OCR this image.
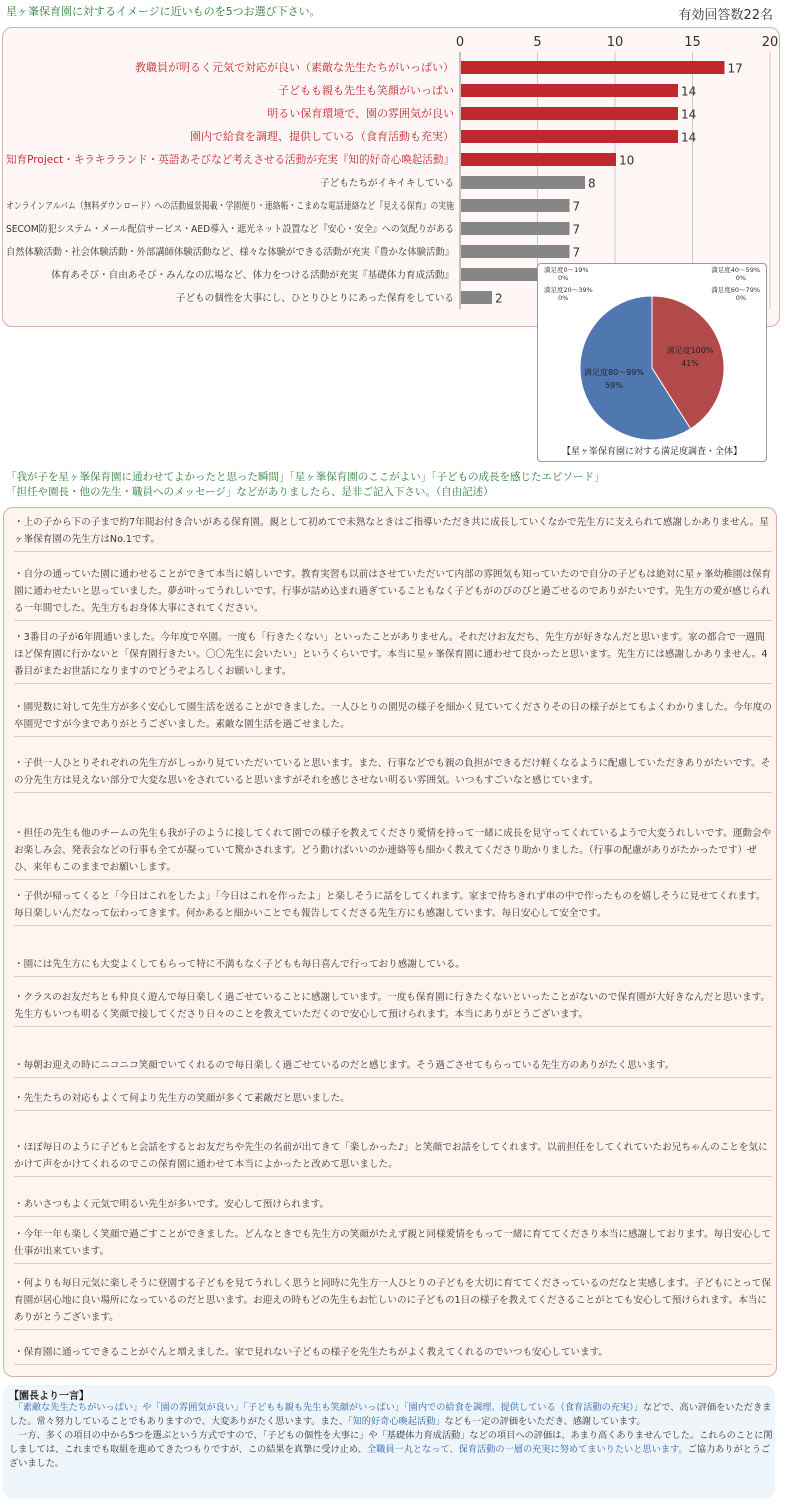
星ヶ峯保育園に対するイメージに近いものを5つお選び下さい。	有効回答数22名
0	5	10	15	20
教職員が明るく元気で対応が良い（素敵な先生たちがいっぱい）	17
子どもも親も先生も笑顔がいっぱい	14
明るい保育環境で、園の雰囲気が良い	14
園内で給食を調理、提供している（食育活動も充実）	14
知育Project・キラキラランド・英語あそびなど考えさせる活動が充実『知的好奇心喚起活動』	10
子どもたちがイキイキしている	8
オンラインアルバム（無料ダウンロード）への活動風景掲載・学園便り・連絡帳・こまめな電話連絡など『見える保育』の実施 7
SECOM防犯システム・メール配信サービス・AED導入・遮光ネット設置など『安心・安全』への気配りがある	7
自然体験活動・社会体験活動・外部講師体験活動など、様々な体験ができる活動が充実『豊かな体験活動』	7
体育あそび・自由あそび・みんなの広場など、体力をつける活動が充実『基礎体力育成活動』
子どもの個性を大事にし、ひとりひとりにあった保育をしている	2
満足度100%
41%
満足度80〜99%
59%
満足度0〜19%
0%
満足度20〜39%
0%
満足度40〜59%
0%
満足度60〜79%
0%
【星ヶ峯保育園に対する満足度調査・全体】
「我が子を星ヶ峯保育園に通わせてよかったと思った瞬間」「星ヶ峯保育園のここがよい」「子どもの成長を感じたエピソード」
「担任や園長・他の先生・職員へのメッセージ」などがありましたら、是非ご記入下さい。（自由記述）
・上の子から下の子まで約7年間お付き合いがある保育園。親として初めてで未熟なときはご指導いただき共に成長していくなかで先生方に支えられて感謝しかありません。星ヶ峯保育園の先生方はNo.1です。
・自分の通っていた園に通わせることができて本当に嬉しいです。教育実習も以前はさせていただいて内部の雰囲気も知っていたので自分の子どもは絶対に星ヶ峯幼稚園は保育園に通わせたいと思っていました。夢が叶ってうれしいです。行事が詰め込まれ過ぎていることもなく子どもがのびのびと過ごせるのでありがたいです。先生方の愛が感じられる一年間でした。先生方もお身体大事にされてください。
・3番目の子が6年間通いました。今年度で卒園。一度も「行きたくない」といったことがありません。それだけお友だち、先生方が好きなんだと思います。家の都合で一週間ほど保育園に行かないと「保育園行きたい。〇〇先生に会いたい」というくらいです。本当に星ヶ峯保育園に通わせて良かったと思います。先生方には感謝しかありません。4番目がまたお世話になりますのでどうぞよろしくお願いします。
・園児数に対して先生方が多く安心して園生活を送ることができました。一人ひとりの園児の様子を細かく見ていてくださりその日の様子がとてもよくわかりました。今年度の卒園児ですが今までありがとうございました。素敵な園生活を過ごせました。
・子供一人ひとりそれぞれの先生方がしっかり見ていただいていると思います。また、行事などでも親の負担ができるだけ軽くなるように配慮していただきありがたいです。その分先生方は見えない部分で大変な思いをされていると思いますがそれを感じさせない明るい雰囲気。いつもすごいなと感じています。
・担任の先生も他のチームの先生も我が子のように接してくれて園での様子を教えてくださり愛情を持って一緒に成長を見守ってくれているようで大変うれしいです。運動会やお楽しみ会、発表会などの行事も全てが凝っていて驚かされます。どう動けばいいのか連絡等も細かく教えてくださり助かりました。（行事の配慮がありがたかったです）ぜひ、来年もこのままでお願いします。
・子供が帰ってくると「今日はこれをしたよ」「今日はこれを作ったよ」と楽しそうに話をしてくれます。家まで待ちきれず車の中で作ったものを嬉しそうに見せてくれます。毎日楽しいんだなって伝わってきます。何かあると細かいことでも報告してくださる先生方にも感謝しています。毎日安心して安全です。
・園には先生方にも大変よくしてもらって特に不満もなく子どもも毎日喜んで行っており感謝している。
・クラスのお友だちとも仲良く遊んで毎日楽しく過ごせていることに感謝しています。一度も保育園に行きたくないといったことがないので保育園が大好きなんだと思います。先生方もいつも明るく笑顔で接してくださり日々のことを教えていただくので安心して預けられます。本当にありがとうございます。
・毎朝お迎えの時にニコニコ笑顔でいてくれるので毎日楽しく過ごせているのだと感じます。そう過ごさせてもらっている先生方のありがたく思います。
・先生たちの対応もよくて何より先生方の笑顔が多くて素敵だと思いました。
・ほぼ毎日のように子どもと会話をするとお友だちや先生の名前が出てきて「楽しかった♪」と笑顔でお話をしてくれます。以前担任をしてくれていたお兄ちゃんのことを気にかけて声をかけてくれるのでこの保育園に通わせて本当によかったと改めて思いました。
・あいさつもよく元気で明るい先生が多いです。安心して預けられます。
・今年一年も楽しく笑顔で過ごすことができました。どんなときでも先生方の笑顔がたえず親と同様愛情をもって一緒に育ててくださり本当に感謝しております。毎日安心して仕事が出来ています。
・何よりも毎日元気に楽しそうに登園する子どもを見てうれしく思うと同時に先生方一人ひとりの子どもを大切に育ててくださっているのだなと実感します。子どもにとって保育園が居心地に良い場所になっているのだと思います。お迎えの時もどの先生もお忙しいのに子どもの1日の様子を教えてくださることがとても安心して預けられます。本当にありがとうございます。
・保育園に通ってできることがぐんと増えました。家で見れない子どもの様子を先生たちがよく教えてくれるのでいつも安心しています。
【園長より一言】
　「素敵な先生たちがいっぱい」や「園の雰囲気が良い」「子どもも親も先生も笑顔がいっぱい」「園内での給食を調理、提供している（食育活動の充実）」などで、高い評価をいただきました。常々努力していることでもありますので、大変ありがたく思います。また、「知的好奇心喚起活動」なども一定の評価をいただき、感謝しています。
　一方、多くの項目の中から5つを選ぶという方式ですので、「子どもの個性を大事に」や「基礎体力育成活動」などの項目への評価は、あまり高くありませんでした。これらのことに関しましては、これまでも取組を進めてきたつもりですが、この結果を真摯に受け止め、全職員一丸となって、保育活動の一層の充実に努めてまいりたいと思います。ご協力ありがとうございました。
